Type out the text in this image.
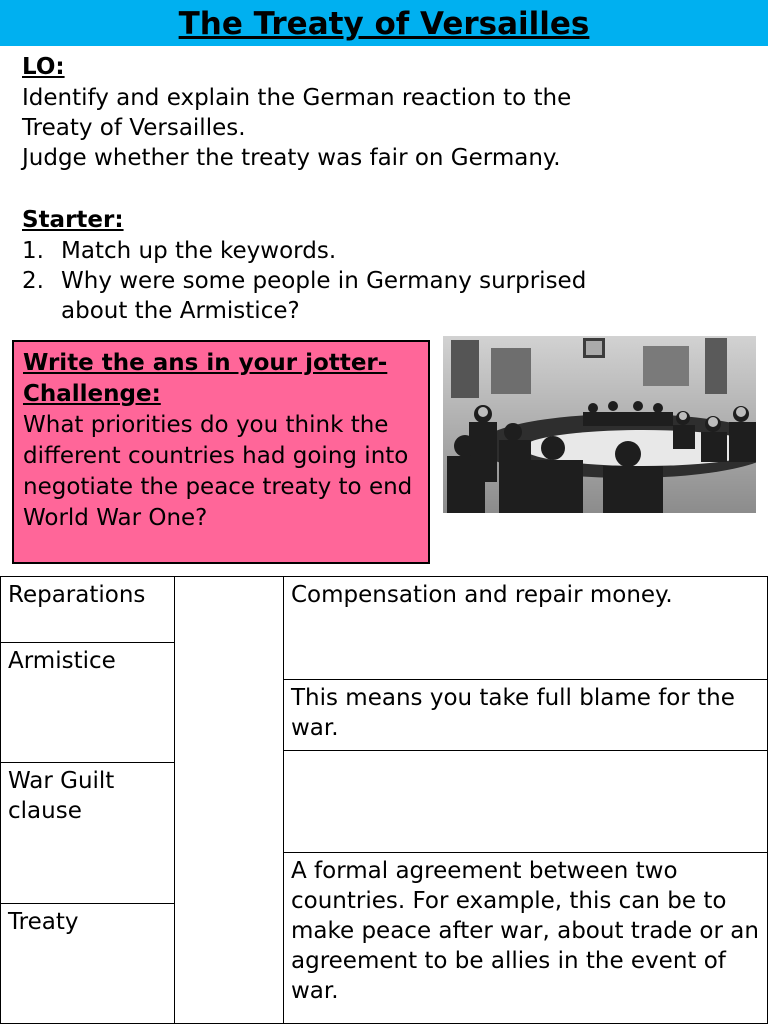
The Treaty of Versailles
LO:
Identify and explain the German reaction to the
Treaty of Versailles.
Judge whether the treaty was fair on Germany.
Starter:
1. Match up the keywords.
2. Why were some people in Germany surprised
about the Armistice?
Write the ans in your jotter-
Challenge:
What priorities do you think the different countries had going into negotiate the peace treaty to end World War One?
Reparations
Armistice
War Guilt clause
Treaty
Compensation and repair money.
This means you take full blame for the war.
A formal agreement between two countries. For example, this can be to make peace after war, about trade or an agreement to be allies in the event of war.
